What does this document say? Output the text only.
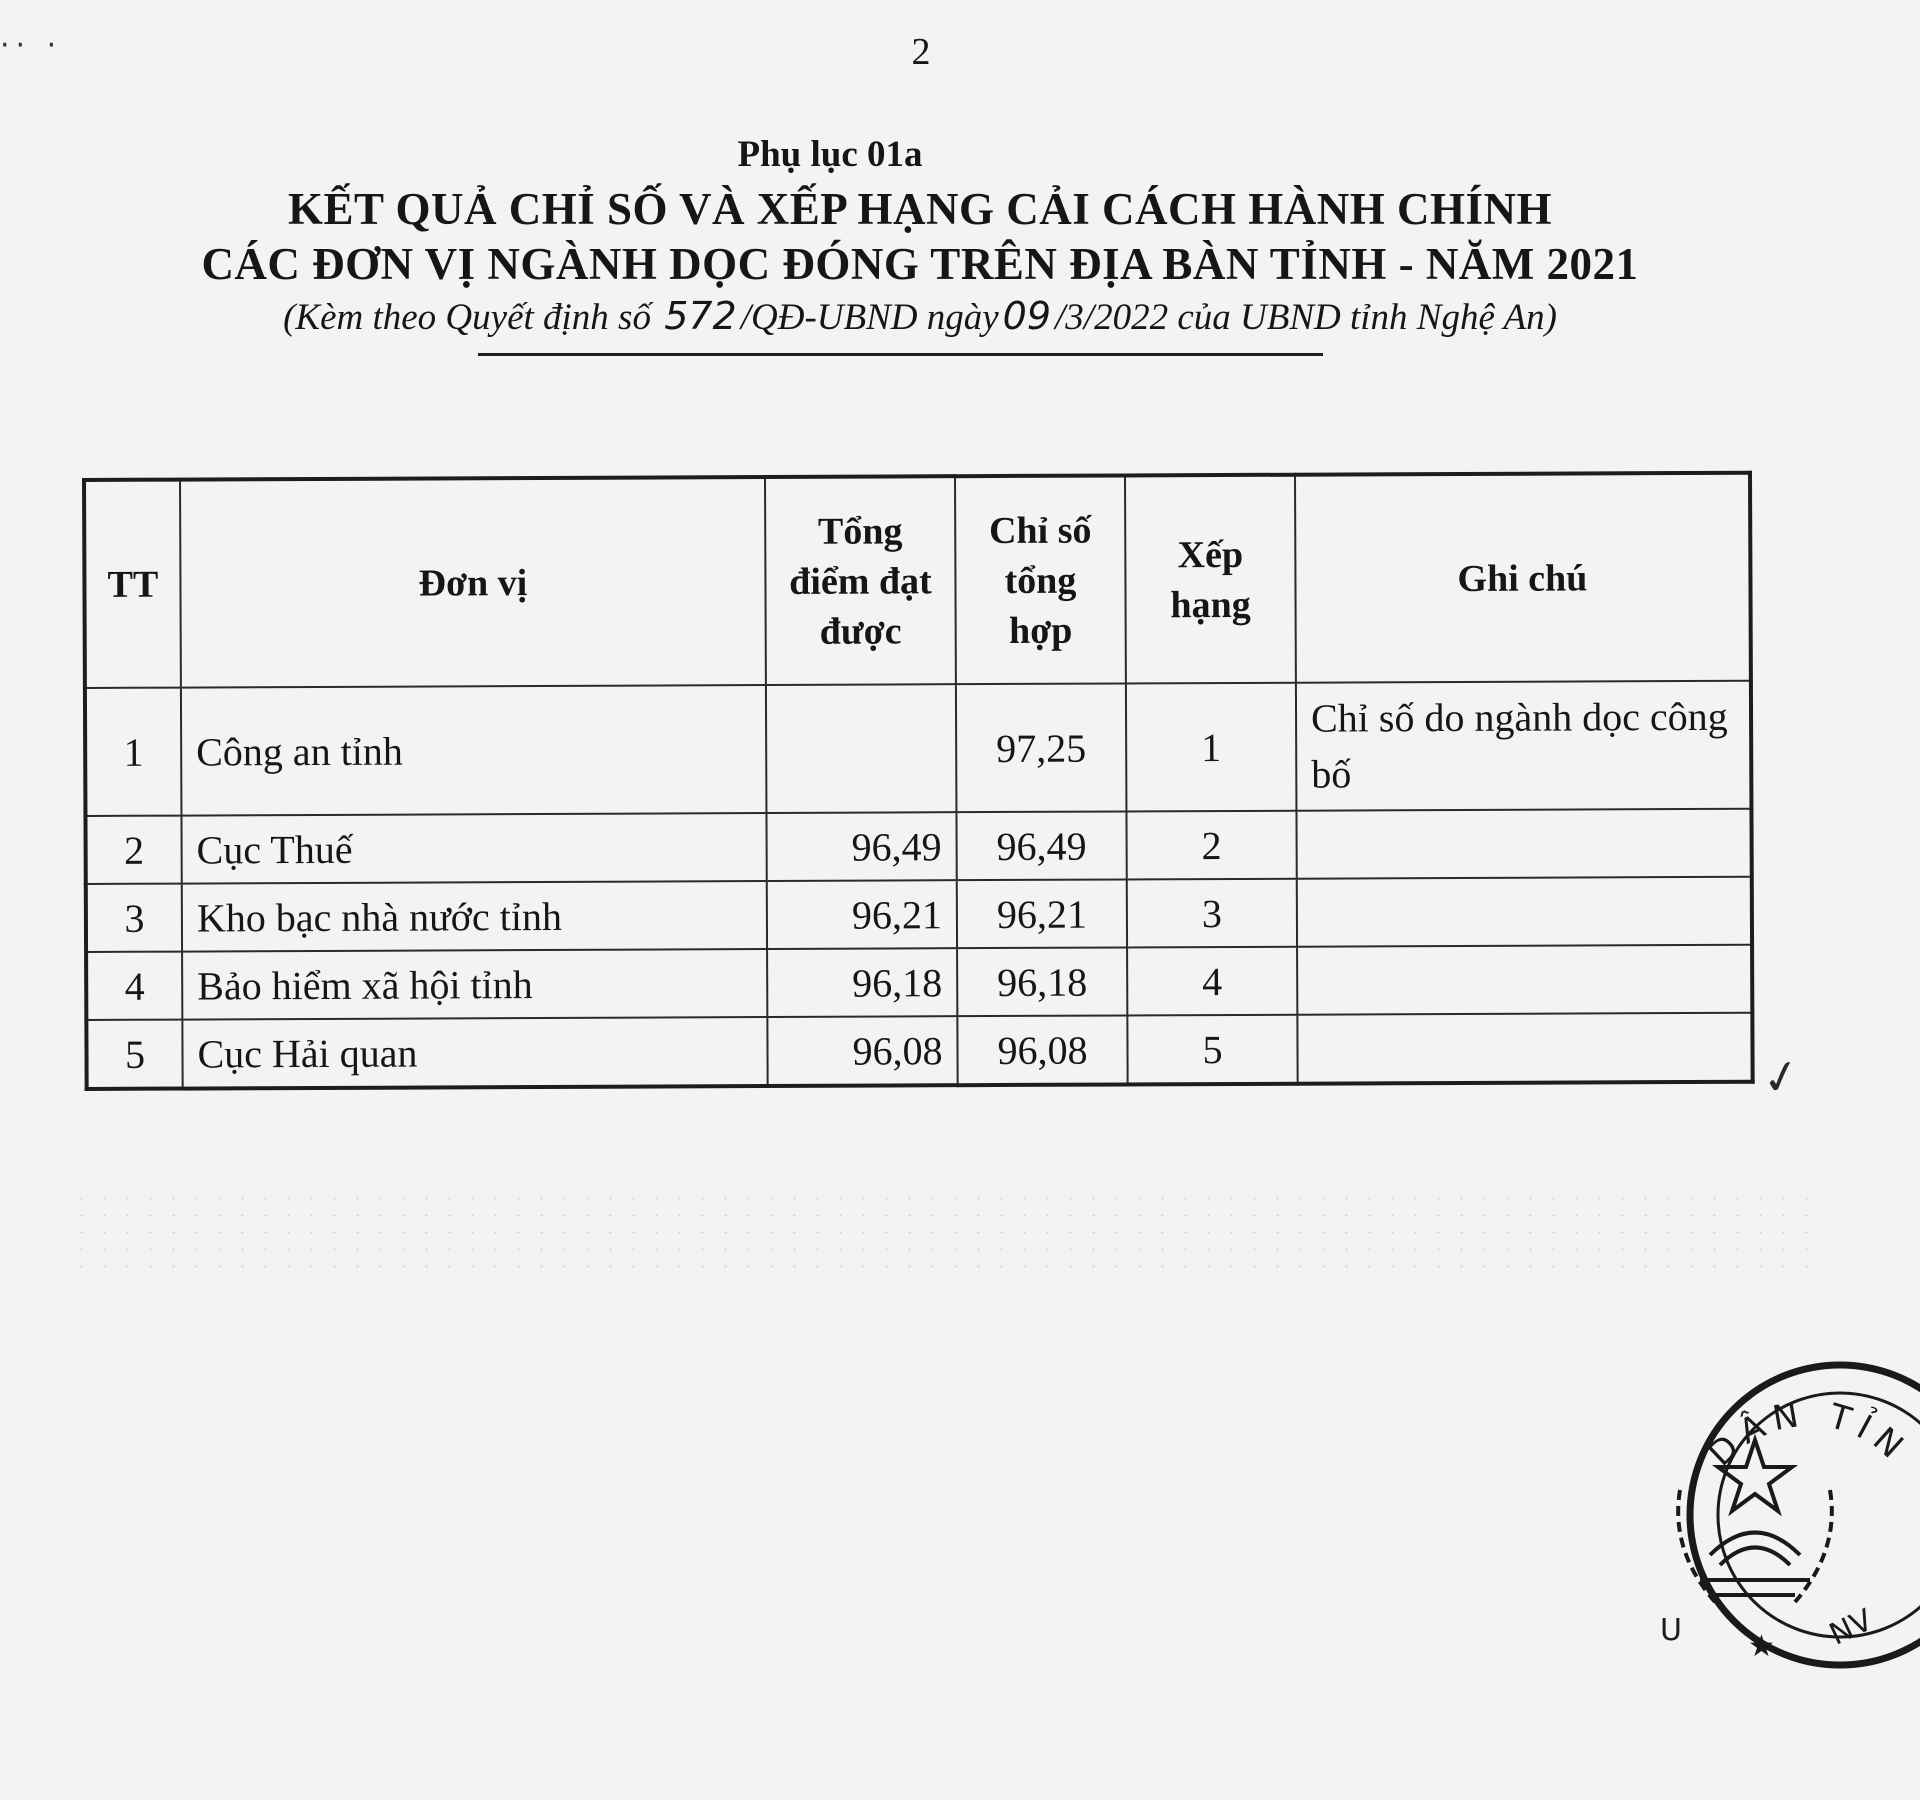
·· ·	2
Phụ lục 01a
KẾT QUẢ CHỈ SỐ VÀ XẾP HẠNG CẢI CÁCH HÀNH CHÍNH
CÁC ĐƠN VỊ NGÀNH DỌC ĐÓNG TRÊN ĐỊA BÀN TỈNH - NĂM 2021
(Kèm theo Quyết định số 572 /QĐ-UBND ngày 09 /3/2022 của UBND tỉnh Nghệ An)
TT	Đơn vị	Tổng điểm đạt được	Chỉ số tổng hợp	Xếp hạng	Ghi chú
1	Công an tỉnh		97,25	1	Chỉ số do ngành dọc công bố
2	Cục Thuế	96,49	96,49	2	
3	Kho bạc nhà nước tỉnh	96,21	96,21	3	
4	Bảo hiểm xã hội tỉnh	96,18	96,18	4	
5	Cục Hải quan	96,08	96,08	5		✓
DÂN TỈN
U ★ NV
